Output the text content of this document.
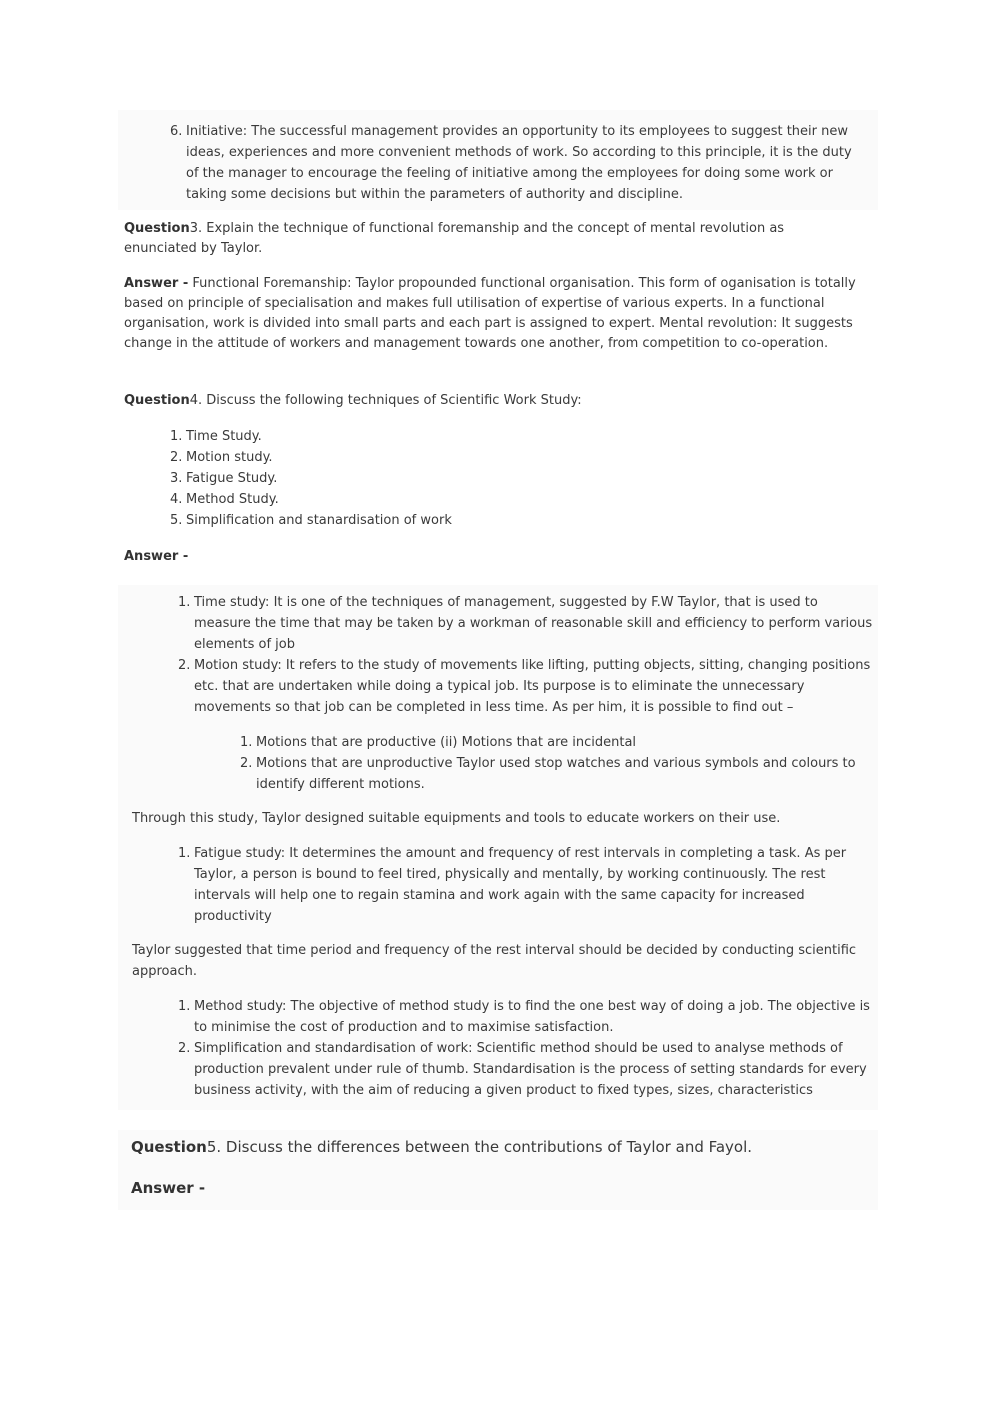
6. Initiative: The successful management provides an opportunity to its employees to suggest their new ideas, experiences and more convenient methods of work. So according to this principle, it is the duty of the manager to encourage the feeling of initiative among the employees for doing some work or taking some decisions but within the parameters of authority and discipline.

Question3. Explain the technique of functional foremanship and the concept of mental revolution as enunciated by Taylor.
Answer - Functional Foremanship: Taylor propounded functional organisation. This form of oganisation is totally based on principle of specialisation and makes full utilisation of expertise of various experts. In a functional organisation, work is divided into small parts and each part is assigned to expert. Mental revolution: It suggests change in the attitude of workers and management towards one another, from competition to co-operation.
Question4. Discuss the following techniques of Scientific Work Study:
1. Time Study.
2. Motion study.
3. Fatigue Study.
4. Method Study.
5. Simplification and stanardisation of work
Answer -
1. Time study: It is one of the techniques of management, suggested by F.W Taylor, that is used to measure the time that may be taken by a workman of reasonable skill and efficiency to perform various elements of job
2. Motion study: It refers to the study of movements like lifting, putting objects, sitting, changing positions etc. that are undertaken while doing a typical job. Its purpose is to eliminate the unnecessary movements so that job can be completed in less time. As per him, it is possible to find out –
1. Motions that are productive (ii) Motions that are incidental
2. Motions that are unproductive Taylor used stop watches and various symbols and colours to identify different motions.

Through this study, Taylor designed suitable equipments and tools to educate workers on their use.

1. Fatigue study: It determines the amount and frequency of rest intervals in completing a task. As per Taylor, a person is bound to feel tired, physically and mentally, by working continuously. The rest intervals will help one to regain stamina and work again with the same capacity for increased productivity

Taylor suggested that time period and frequency of the rest interval should be decided by conducting scientific approach.

1. Method study: The objective of method study is to find the one best way of doing a job. The objective is to minimise the cost of production and to maximise satisfaction.
2. Simplification and standardisation of work: Scientific method should be used to analyse methods of production prevalent under rule of thumb. Standardisation is the process of setting standards for every business activity, with the aim of reducing a given product to fixed types, sizes, characteristics
Question5. Discuss the differences between the contributions of Taylor and Fayol.
Answer -
